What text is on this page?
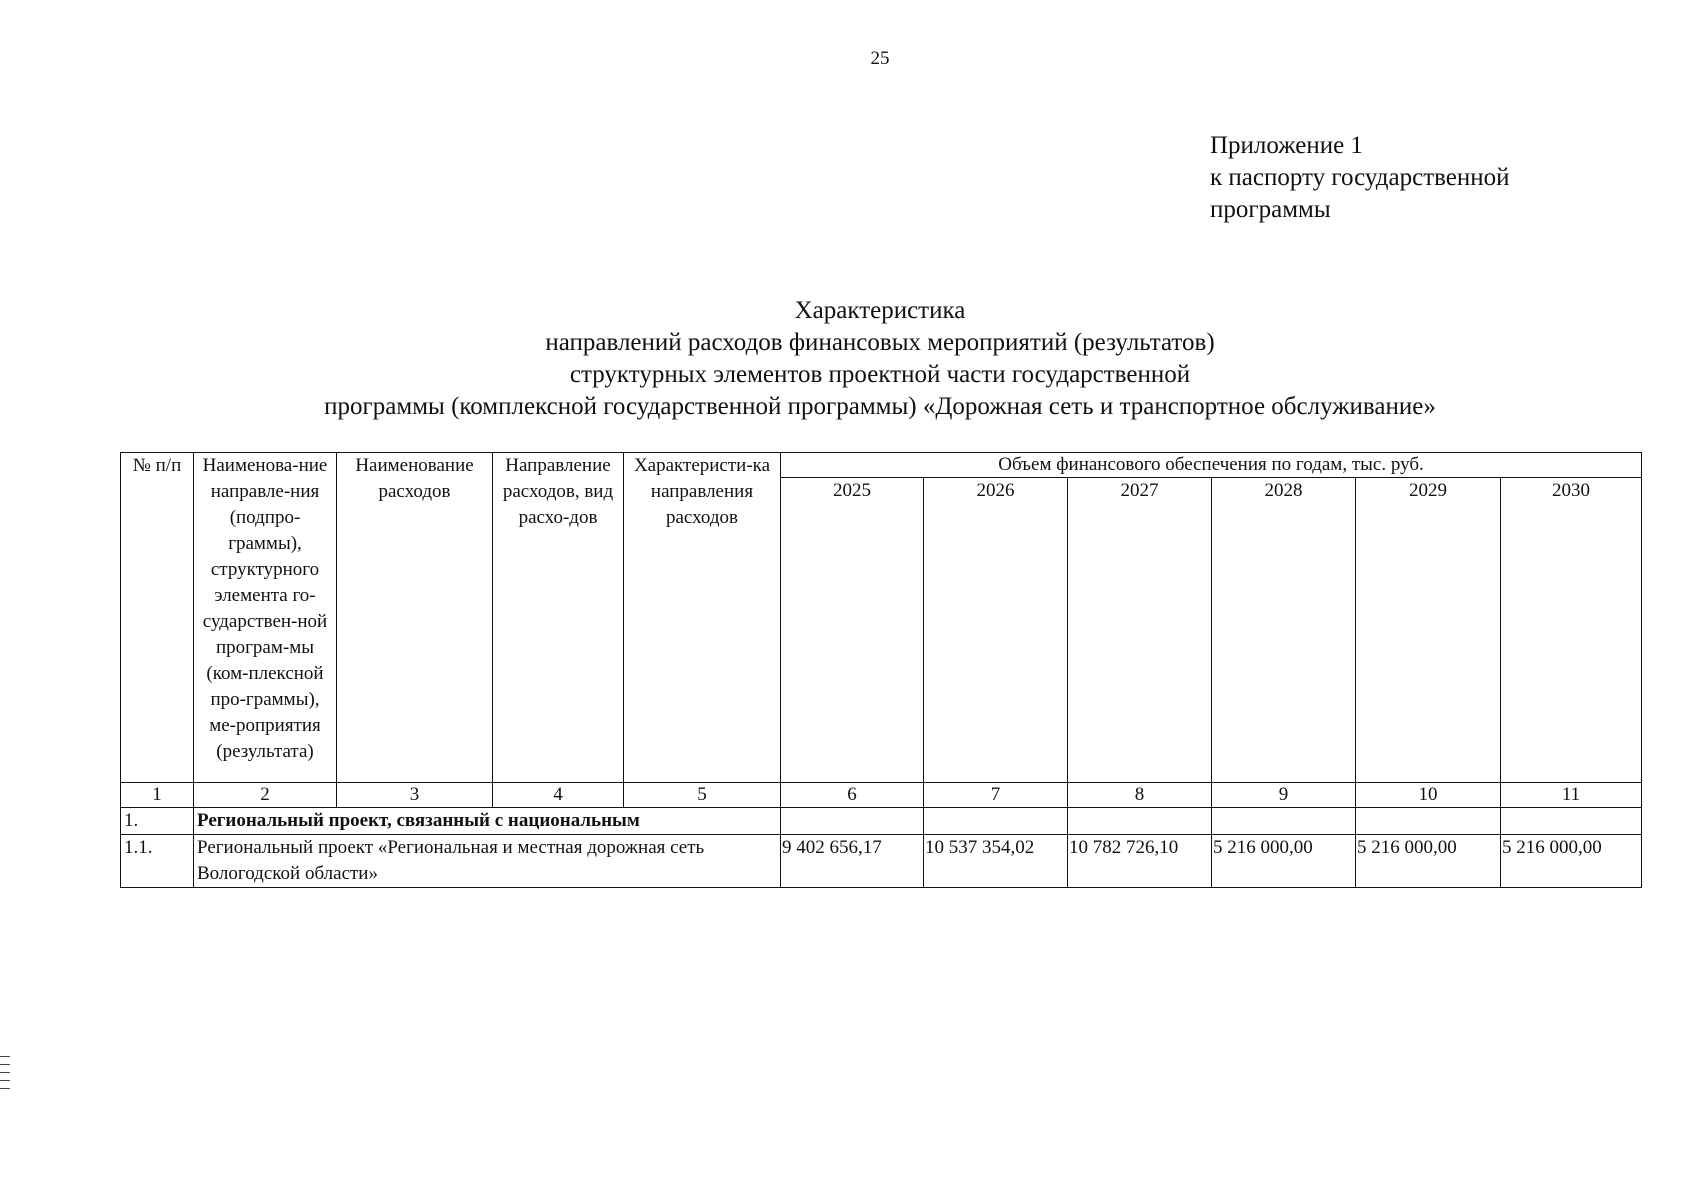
25
Приложение 1
к паспорту государственной
программы
Характеристика
направлений расходов финансовых мероприятий (результатов)
структурных элементов проектной части государственной
программы (комплексной государственной программы) «Дорожная сеть и транспортное обслуживание»
№ п/п	Наименова-ние направле-ния (подпро-граммы), структурного элемента го-сударствен-ной програм-мы (ком-плексной про-граммы), ме-роприятия (результата)	Наименование расходов	Направление расходов, вид расхо-дов	Характеристи-ка направления расходов	Объем финансового обеспечения по годам, тыс. руб.					
					2025	2026	2027	2028	2029	2030
1	2	3	4	5	6	7	8	9	10	11
1.	Региональный проект, связанный с национальным									
1.1.	Региональный проект «Региональная и местная дорожная сеть Вологодской области»				9 402 656,17	10 537 354,02	10 782 726,10	5 216 000,00	5 216 000,00	5 216 000,00
